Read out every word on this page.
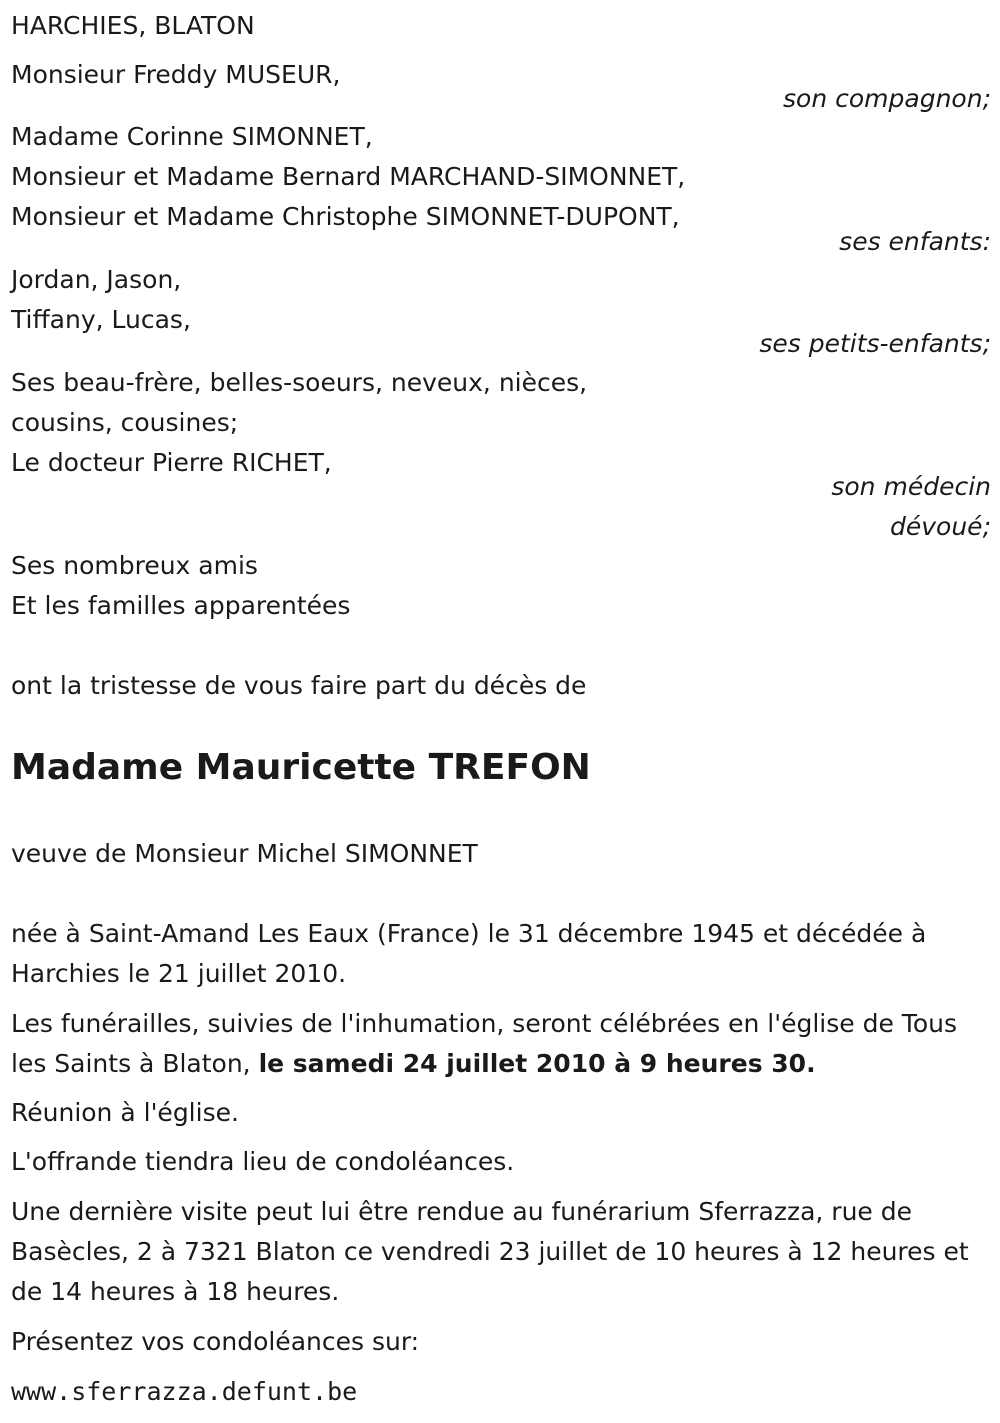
HARCHIES, BLATON
Monsieur Freddy MUSEUR,
son compagnon;
Madame Corinne SIMONNET,
Monsieur et Madame Bernard MARCHAND-SIMONNET,
Monsieur et Madame Christophe SIMONNET-DUPONT,
ses enfants:
Jordan, Jason,
Tiffany, Lucas,
ses petits-enfants;
Ses beau-frère, belles-soeurs, neveux, nièces,
cousins, cousines;
Le docteur Pierre RICHET,
son médecin
dévoué;
Ses nombreux amis
Et les familles apparentées
ont la tristesse de vous faire part du décès de
Madame Mauricette TREFON
veuve de Monsieur Michel SIMONNET
née à Saint-Amand Les Eaux (France) le 31 décembre 1945 et décédée à Harchies le 21 juillet 2010.
Les funérailles, suivies de l'inhumation, seront célébrées en l'église de Tous les Saints à Blaton, le samedi 24 juillet 2010 à 9 heures 30.
Réunion à l'église.
L'offrande tiendra lieu de condoléances.
Une dernière visite peut lui être rendue au funérarium Sferrazza, rue de Basècles, 2 à 7321 Blaton ce vendredi 23 juillet de 10 heures à 12 heures et de 14 heures à 18 heures.
Présentez vos condoléances sur:
www.sferrazza.defunt.be
